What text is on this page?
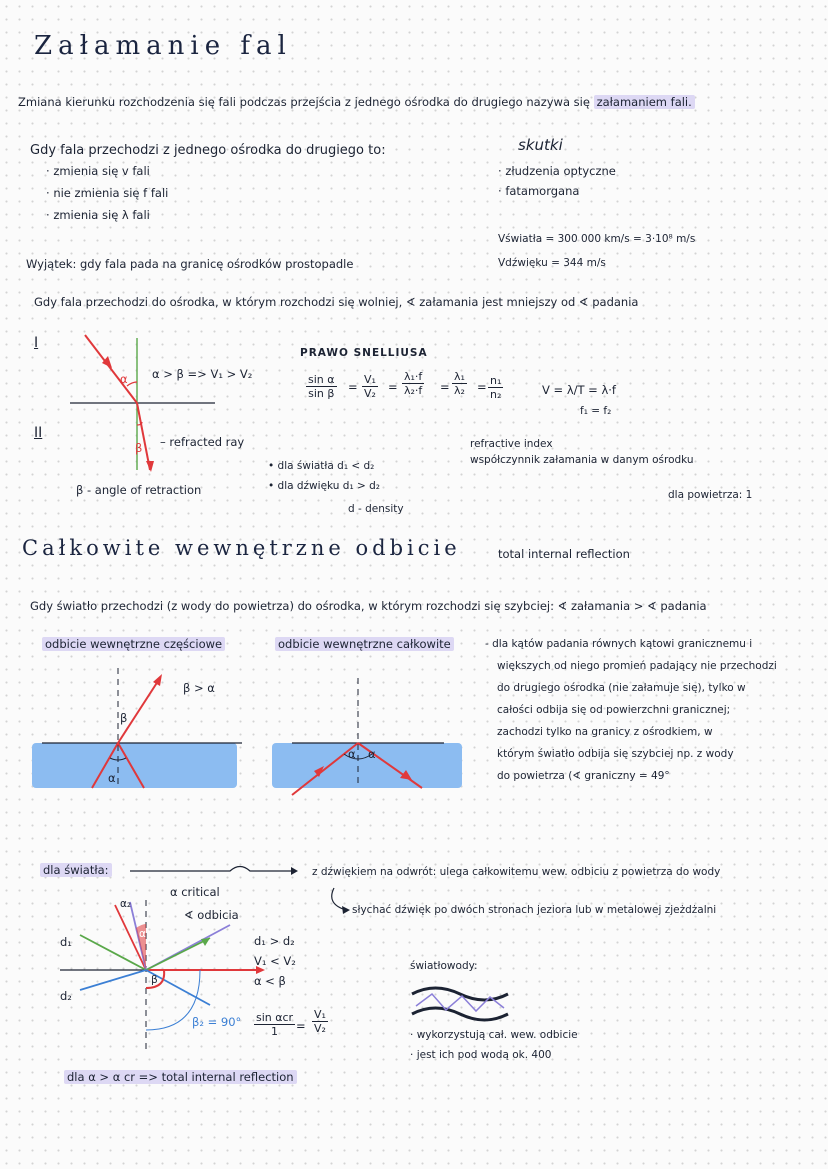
Załamanie fal
Zmiana kierunku rozchodzenia się fali podczas przejścia z jednego ośrodka do drugiego nazywa się załamaniem fali.
Gdy fala przechodzi z jednego ośrodka do drugiego to:
· zmienia się v fali
· nie zmienia się f fali
· zmienia się λ fali
skutki
· złudzenia optyczne
· fatamorgana
Vświatła = 300 000 km/s = 3·10⁸ m/s
Vdźwięku = 344 m/s
Wyjątek: gdy fala pada na granicę ośrodków prostopadle
Gdy fala przechodzi do ośrodka, w którym rozchodzi się wolniej, ∢ załamania jest mniejszy od ∢ padania
I
II
α
β
α > β => V₁ > V₂
– refracted ray
β - angle of retraction
PRAWO SNELLIUSA
$\frac{\text{sin α}}{\text{sin β}} = \frac{\text{V₁}}{\text{V₂}} = \frac{\text{λ₁·f}}{\text{λ₂·f}} = \frac{\text{λ₁}}{\text{λ₂}} = \frac{\text{n₁}}{\text{n₂}}$	V = λ/T = λ·f
f₁ = f₂
refractive index
współczynnik załamania w danym ośrodku
dla powietrza: 1
• dla światła d₁ < d₂
• dla dźwięku d₁ > d₂
d - density
Całkowite wewnętrzne odbicie	total internal reflection
Gdy światło przechodzi (z wody do powietrza) do ośrodka, w którym rozchodzi się szybciej: ∢ załamania > ∢ padania
odbicie wewnętrzne częściowe
β > α
β
α
odbicie wewnętrzne całkowite
α α
- dla kątów padania równych kątowi granicznemu i
większych od niego promień padający nie przechodzi
do drugiego ośrodka (nie załamuje się), tylko w
całości odbija się od powierzchni granicznej;
zachodzi tylko na granicy z ośrodkiem, w
którym światło odbija się szybciej np. z wody
do powietrza (∢ graniczny = 49°
dla światła:
α critical
∢ odbicia
d₁
d₂
α₂
α
β
β₂ = 90°
d₁ > d₂
V₁ < V₂
α < β
sin αcr
1	= $\frac{\text{V₁}}{\text{V₂}}$
dla α > α cr => total internal reflection
z dźwiękiem na odwrót: ulega całkowitemu wew. odbiciu z powietrza do wody
słychać dźwięk po dwóch stronach jeziora lub w metalowej zjeżdżalni
światłowody:
· wykorzystują cał. wew. odbicie
· jest ich pod wodą ok. 400
